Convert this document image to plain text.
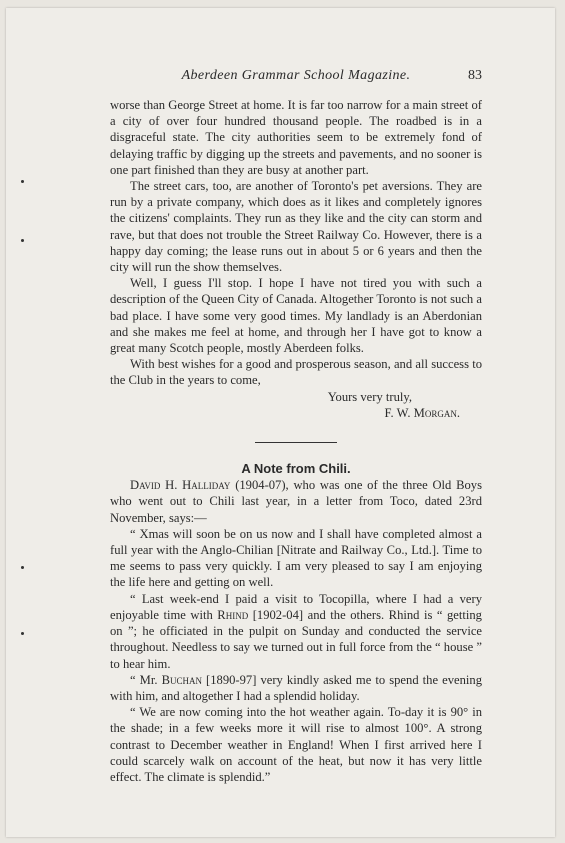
Aberdeen Grammar School Magazine.	83

worse than George Street at home. It is far too narrow for a main street of a city of over four hundred thousand people. The roadbed is in a disgraceful state. The city authorities seem to be extremely fond of delaying traffic by digging up the streets and pavements, and no sooner is one part finished than they are busy at another part.

The street cars, too, are another of Toronto's pet aversions. They are run by a private company, which does as it likes and completely ignores the citizens' complaints. They run as they like and the city can storm and rave, but that does not trouble the Street Railway Co. However, there is a happy day coming; the lease runs out in about 5 or 6 years and then the city will run the show themselves.

Well, I guess I'll stop. I hope I have not tired you with such a description of the Queen City of Canada. Altogether Toronto is not such a bad place. I have some very good times. My landlady is an Aberdonian and she makes me feel at home, and through her I have got to know a great many Scotch people, mostly Aberdeen folks.

With best wishes for a good and prosperous season, and all success to the Club in the years to come,

Yours very truly,

F. W. Morgan.

A Note from Chili.

David H. Halliday (1904-07), who was one of the three Old Boys who went out to Chili last year, in a letter from Toco, dated 23rd November, says:—

“ Xmas will soon be on us now and I shall have completed almost a full year with the Anglo-Chilian [Nitrate and Railway Co., Ltd.]. Time to me seems to pass very quickly. I am very pleased to say I am enjoying the life here and getting on well.

“ Last week-end I paid a visit to Tocopilla, where I had a very enjoyable time with Rhind [1902-04] and the others. Rhind is “ getting on ”; he officiated in the pulpit on Sunday and conducted the service throughout. Needless to say we turned out in full force from the “ house ” to hear him.

“ Mr. Buchan [1890-97] very kindly asked me to spend the evening with him, and altogether I had a splendid holiday.

“ We are now coming into the hot weather again. To-day it is 90° in the shade; in a few weeks more it will rise to almost 100°. A strong contrast to December weather in England! When I first arrived here I could scarcely walk on account of the heat, but now it has very little effect. The climate is splendid.”
